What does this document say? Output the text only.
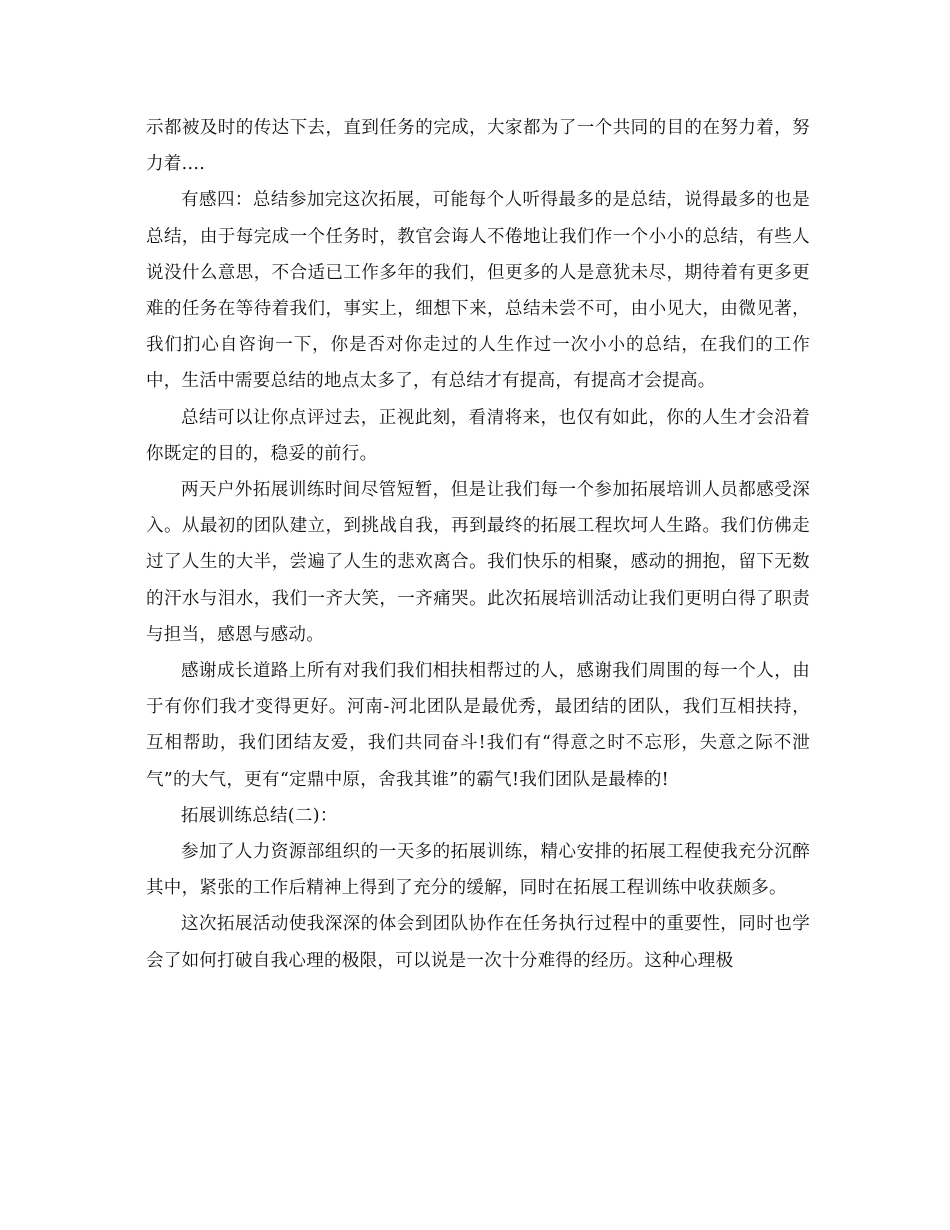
示都被及时的传达下去，直到任务的完成，大家都为了一个共同的目的在努力着，努力着....

有感四：总结参加完这次拓展，可能每个人听得最多的是总结，说得最多的也是总结，由于每完成一个任务时，教官会诲人不倦地让我们作一个小小的总结，有些人说没什么意思，不合适已工作多年的我们，但更多的人是意犹未尽，期待着有更多更难的任务在等待着我们，事实上，细想下来，总结未尝不可，由小见大，由微见著，我们扪心自咨询一下，你是否对你走过的人生作过一次小小的总结，在我们的工作中，生活中需要总结的地点太多了，有总结才有提高，有提高才会提高。

总结可以让你点评过去，正视此刻，看清将来，也仅有如此，你的人生才会沿着你既定的目的，稳妥的前行。

两天户外拓展训练时间尽管短暂，但是让我们每一个参加拓展培训人员都感受深入。从最初的团队建立，到挑战自我，再到最终的拓展工程坎坷人生路。我们仿佛走过了人生的大半，尝遍了人生的悲欢离合。我们快乐的相聚，感动的拥抱，留下无数的汗水与泪水，我们一齐大笑，一齐痛哭。此次拓展培训活动让我们更明白得了职责与担当，感恩与感动。

感谢成长道路上所有对我们我们相扶相帮过的人，感谢我们周围的每一个人，由于有你们我才变得更好。河南-河北团队是最优秀，最团结的团队，我们互相扶持，互相帮助，我们团结友爱，我们共同奋斗!我们有“得意之时不忘形，失意之际不泄气”的大气，更有“定鼎中原，舍我其谁”的霸气!我们团队是最棒的!

拓展训练总结(二)：

参加了人力资源部组织的一天多的拓展训练，精心安排的拓展工程使我充分沉醉其中，紧张的工作后精神上得到了充分的缓解，同时在拓展工程训练中收获颇多。

这次拓展活动使我深深的体会到团队协作在任务执行过程中的重要性，同时也学会了如何打破自我心理的极限，可以说是一次十分难得的经历。这种心理极
